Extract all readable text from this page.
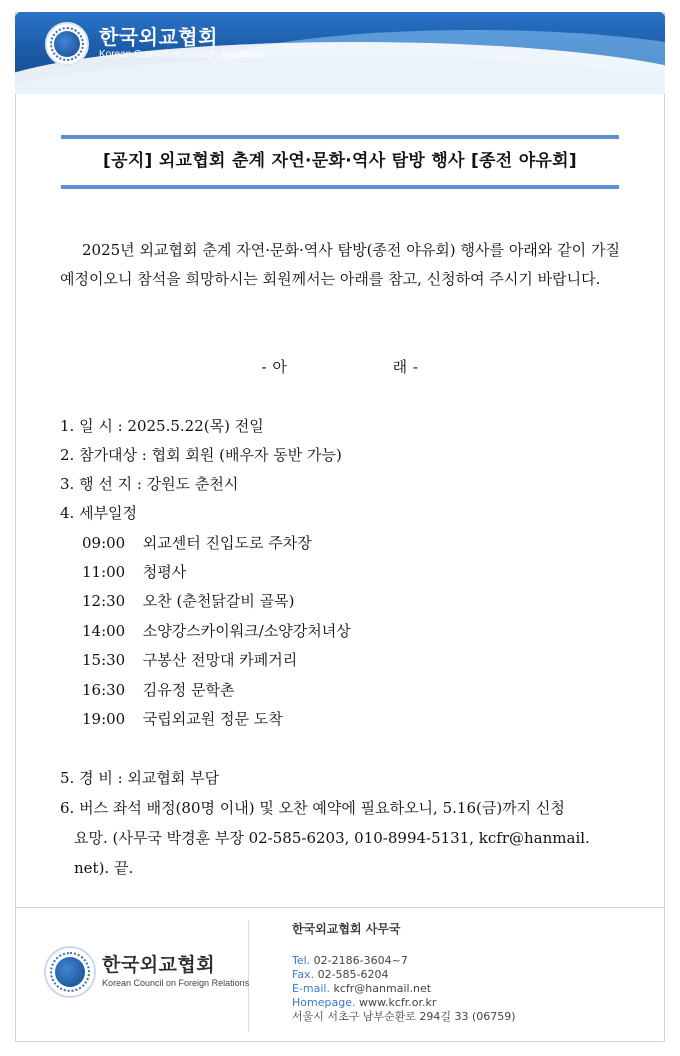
한국외교협회
Korean Council on Foreign Relations
[공지] 외교협회 춘계 자연·문화·역사 탐방 행사 [종전 야유회]
2025년 외교협회 춘계 자연·문화·역사 탐방(종전 야유회) 행사를 아래와 같이 가질 예정이오니 참석을 희망하시는 회원께서는 아래를 참고, 신청하여 주시기 바랍니다.
- 아                    래 -
1. 일 시 : 2025.5.22(목) 전일
2. 참가대상 : 협회 회원 (배우자 동반 가능)
3. 행 선 지 : 강원도 춘천시
4. 세부일정
09:00 외교센터 진입도로 주차장
11:00 청평사
12:30 오찬 (춘천닭갈비 골목)
14:00 소양강스카이워크/소양강처녀상
15:30 구봉산 전망대 카페거리
16:30 김유정 문학촌
19:00 국립외교원 정문 도착
5. 경 비 : 외교협회 부담
6. 버스 좌석 배정(80명 이내) 및 오찬 예약에 필요하오니, 5.16(금)까지 신청
요망. (사무국 박경훈 부장 02-585-6203, 010-8994-5131, kcfr@hanmail.
net). 끝.
한국외교협회
Korean Council on Foreign Relations
한국외교협회 사무국
Tel. 02-2186-3604~7
Fax. 02-585-6204
E-mail. kcfr@hanmail.net
Homepage. www.kcfr.or.kr
서울시 서초구 남부순환로 294길 33 (06759)
